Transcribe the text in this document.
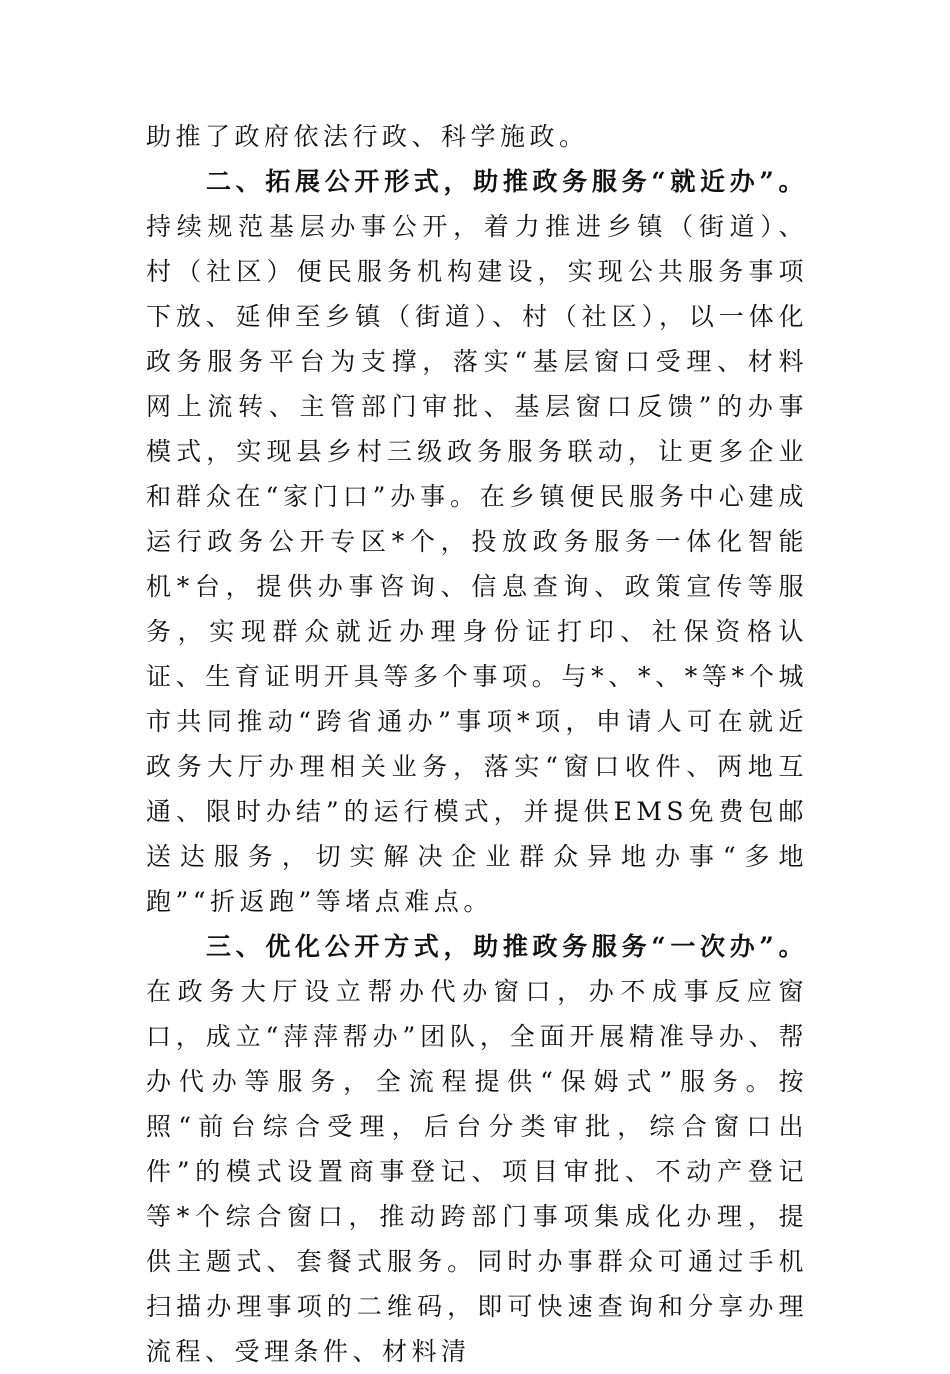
助推了政府依法行政、科学施政。

二、拓展公开形式，助推政务服务“就近办”。持续规范基层办事公开，着力推进乡镇（街道）、村（社区）便民服务机构建设，实现公共服务事项下放、延伸至乡镇（街道）、村（社区），以一体化政务服务平台为支撑，落实“基层窗口受理、材料网上流转、主管部门审批、基层窗口反馈”的办事模式，实现县乡村三级政务服务联动，让更多企业和群众在“家门口”办事。在乡镇便民服务中心建成运行政务公开专区*个，投放政务服务一体化智能机*台，提供办事咨询、信息查询、政策宣传等服务，实现群众就近办理身份证打印、社保资格认证、生育证明开具等多个事项。与*、*、*等*个城市共同推动“跨省通办”事项*项，申请人可在就近政务大厅办理相关业务，落实“窗口收件、两地互通、限时办结”的运行模式，并提供EMS免费包邮送达服务，切实解决企业群众异地办事“多地跑”“折返跑”等堵点难点。

三、优化公开方式，助推政务服务“一次办”。在政务大厅设立帮办代办窗口，办不成事反应窗口，成立“萍萍帮办”团队，全面开展精准导办、帮办代办等服务，全流程提供“保姆式”服务。按照“前台综合受理，后台分类审批，综合窗口出件”的模式设置商事登记、项目审批、不动产登记等*个综合窗口，推动跨部门事项集成化办理，提供主题式、套餐式服务。同时办事群众可通过手机扫描办理事项的二维码，即可快速查询和分享办理流程、受理条件、材料清
